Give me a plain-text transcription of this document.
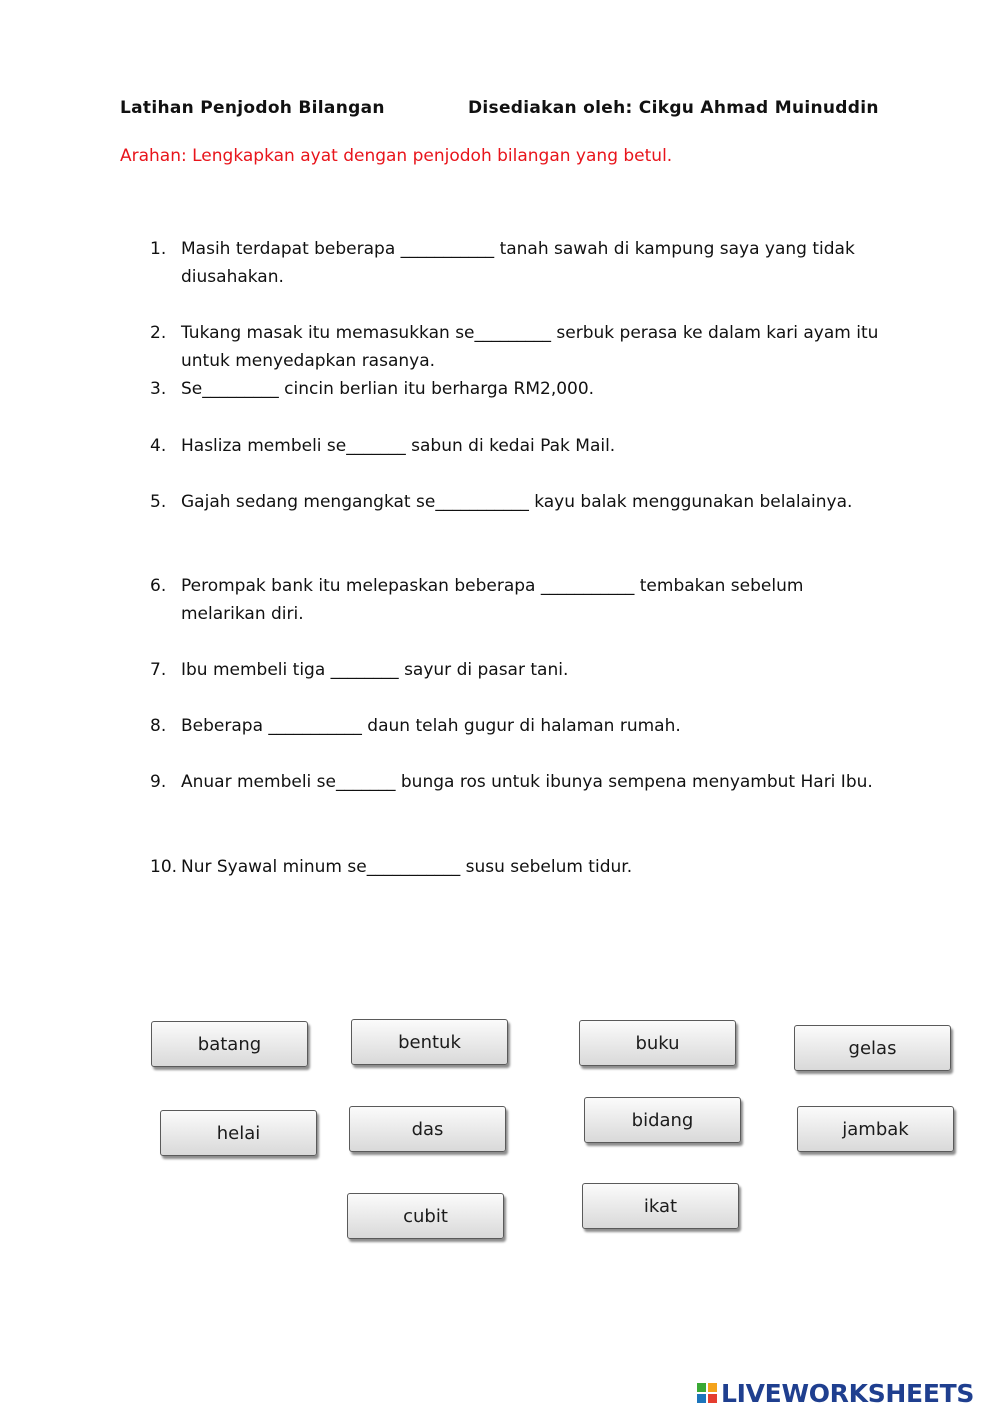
Latihan Penjodoh Bilangan	Disediakan oleh: Cikgu Ahmad Muinuddin
Arahan: Lengkapkan ayat dengan penjodoh bilangan yang betul.
1. Masih terdapat beberapa ___________ tanah sawah di kampung saya yang tidak diusahakan.
2. Tukang masak itu memasukkan se_________ serbuk perasa ke dalam kari ayam itu untuk menyedapkan rasanya.
3. Se_________ cincin berlian itu berharga RM2,000.
4. Hasliza membeli se_______ sabun di kedai Pak Mail.
5. Gajah sedang mengangkat se___________ kayu balak menggunakan belalainya.
6. Perompak bank itu melepaskan beberapa ___________ tembakan sebelum melarikan diri.
7. Ibu membeli tiga ________ sayur di pasar tani.
8. Beberapa ___________ daun telah gugur di halaman rumah.
9. Anuar membeli se_______ bunga ros untuk ibunya sempena menyambut Hari Ibu.
10. Nur Syawal minum se___________ susu sebelum tidur.
batang	bentuk	buku	gelas
helai	das	bidang	jambak
cubit	ikat
LIVEWORKSHEETS
